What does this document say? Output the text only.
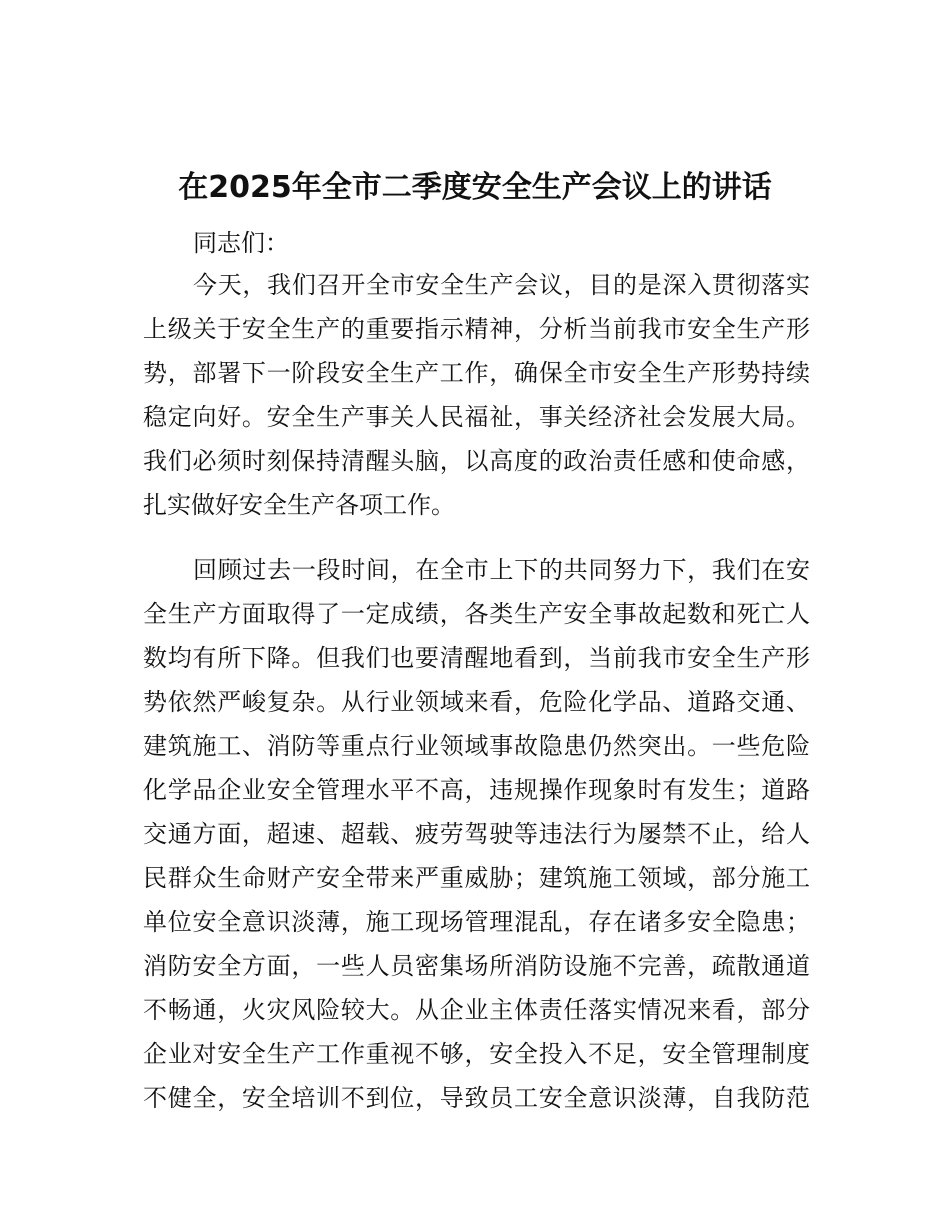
在2025年全市二季度安全生产会议上的讲话
同志们：
今天，我们召开全市安全生产会议，目的是深入贯彻落实
上级关于安全生产的重要指示精神，分析当前我市安全生产形
势，部署下一阶段安全生产工作，确保全市安全生产形势持续
稳定向好。安全生产事关人民福祉，事关经济社会发展大局。
我们必须时刻保持清醒头脑，以高度的政治责任感和使命感，
扎实做好安全生产各项工作。
回顾过去一段时间，在全市上下的共同努力下，我们在安
全生产方面取得了一定成绩，各类生产安全事故起数和死亡人
数均有所下降。但我们也要清醒地看到，当前我市安全生产形
势依然严峻复杂。从行业领域来看，危险化学品、道路交通、
建筑施工、消防等重点行业领域事故隐患仍然突出。一些危险
化学品企业安全管理水平不高，违规操作现象时有发生；道路
交通方面，超速、超载、疲劳驾驶等违法行为屡禁不止，给人
民群众生命财产安全带来严重威胁；建筑施工领域，部分施工
单位安全意识淡薄，施工现场管理混乱，存在诸多安全隐患；
消防安全方面，一些人员密集场所消防设施不完善，疏散通道
不畅通，火灾风险较大。从企业主体责任落实情况来看，部分
企业对安全生产工作重视不够，安全投入不足，安全管理制度
不健全，安全培训不到位，导致员工安全意识淡薄，自我防范
